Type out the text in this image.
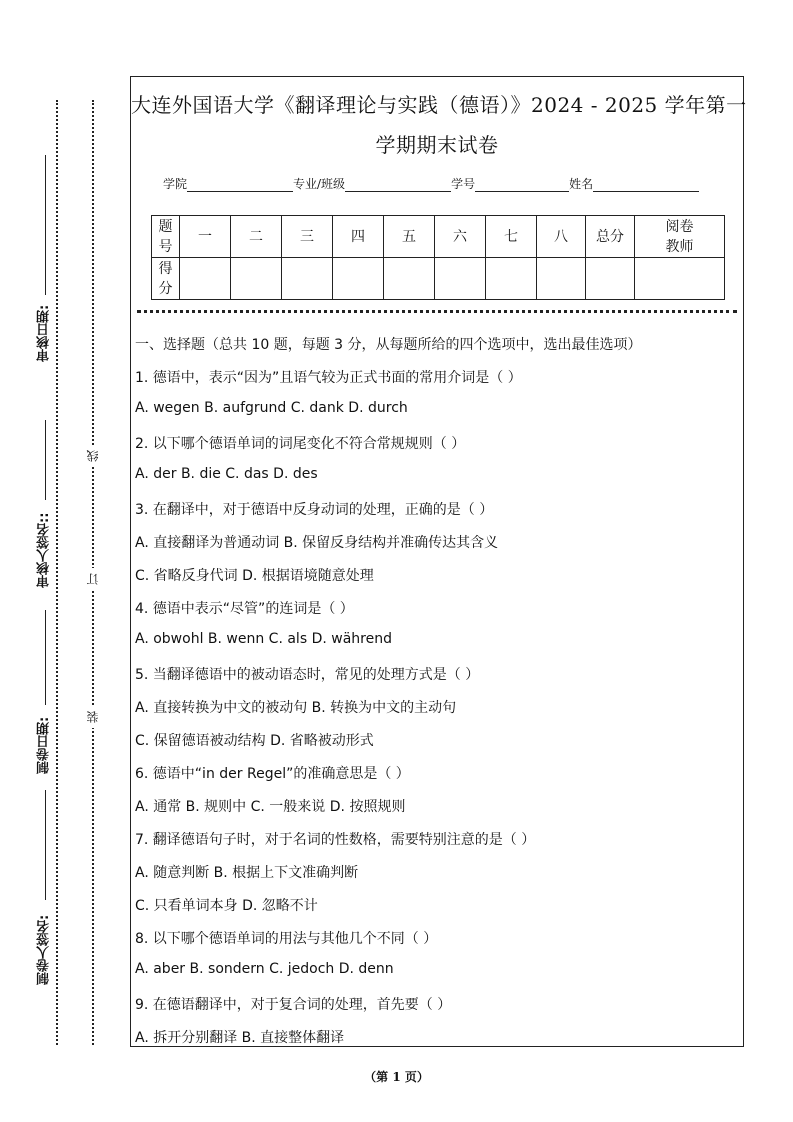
审核日期:
审核人签名::
制卷日期:
制卷人签名:
线
订
装
大连外国语大学《翻译理论与实践（德语）》2024 - 2025 学年第一
学期期末试卷
学院	专业/班级	学号	姓名
题号	一	二	三	四	五	六	七	八	总分	阅卷教师
得分										
一、选择题（总共 10 题，每题 3 分，从每题所给的四个选项中，选出最佳选项）
1. 德语中，表示“因为”且语气较为正式书面的常用介词是（ ）
A. wegen B. aufgrund C. dank D. durch
2. 以下哪个德语单词的词尾变化不符合常规规则（ ）
A. der B. die C. das D. des
3. 在翻译中，对于德语中反身动词的处理，正确的是（ ）
A. 直接翻译为普通动词 B. 保留反身结构并准确传达其含义
C. 省略反身代词 D. 根据语境随意处理
4. 德语中表示“尽管”的连词是（ ）
A. obwohl B. wenn C. als D. während
5. 当翻译德语中的被动语态时，常见的处理方式是（ ）
A. 直接转换为中文的被动句 B. 转换为中文的主动句
C. 保留德语被动结构 D. 省略被动形式
6. 德语中“in der Regel”的准确意思是（ ）
A. 通常 B. 规则中 C. 一般来说 D. 按照规则
7. 翻译德语句子时，对于名词的性数格，需要特别注意的是（ ）
A. 随意判断 B. 根据上下文准确判断
C. 只看单词本身 D. 忽略不计
8. 以下哪个德语单词的用法与其他几个不同（ ）
A. aber B. sondern C. jedoch D. denn
9. 在德语翻译中，对于复合词的处理，首先要（ ）
A. 拆开分别翻译 B. 直接整体翻译
（第 1 页）
